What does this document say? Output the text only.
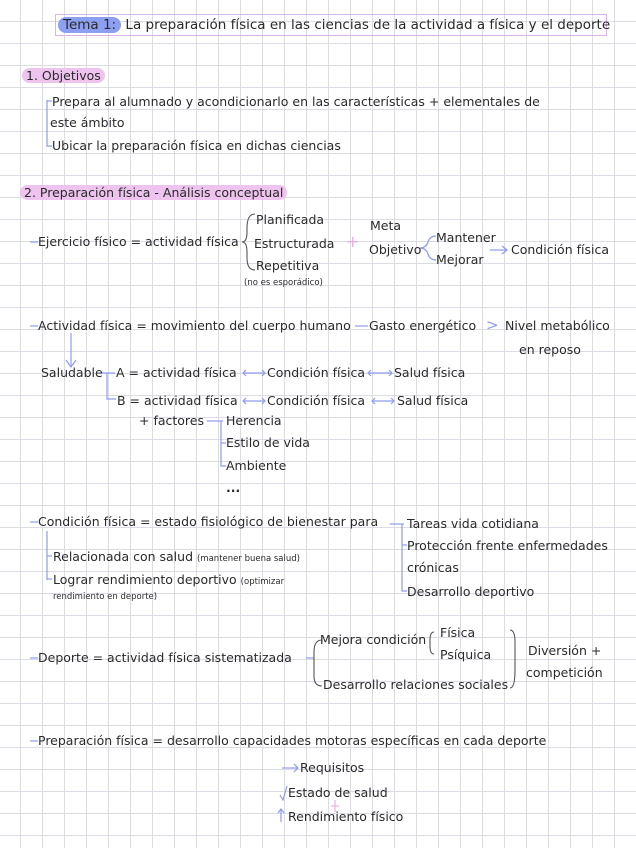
Tema 1: La preparación física en las ciencias de la actividad a física y el deporte
1. Objetivos
Prepara al alumnado y acondicionarlo en las características + elementales de
este ámbito
Ubicar la preparación física en dichas ciencias
2. Preparación física - Análisis conceptual
Ejercicio físico = actividad física
Planificada
Estructurada
Repetitiva
(no es esporádico)
+
Meta
Objetivo
Mantener
Mejorar
Condición física
Actividad física = movimiento del cuerpo humano Gasto energético > Nivel metabólico
en reposo
Saludable A = actividad física Condición física Salud física
B = actividad física Condición física	Salud física
+ factores Herencia
Estilo de vida
Ambiente
...
Condición física = estado fisiológico de bienestar para Tareas vida cotidiana
Protección frente enfermedades
crónicas
Desarrollo deportivo
Relacionada con salud (mantener buena salud)
Lograr rendimiento deportivo (optimizar
rendimiento en deporte)
Deporte = actividad física sistematizada
Mejora condición Física
Psíquica
Desarrollo relaciones sociales
Diversión +
competición
Preparación física = desarrollo capacidades motoras específicas en cada deporte
Requisitos
Estado de salud
Rendimiento físico
